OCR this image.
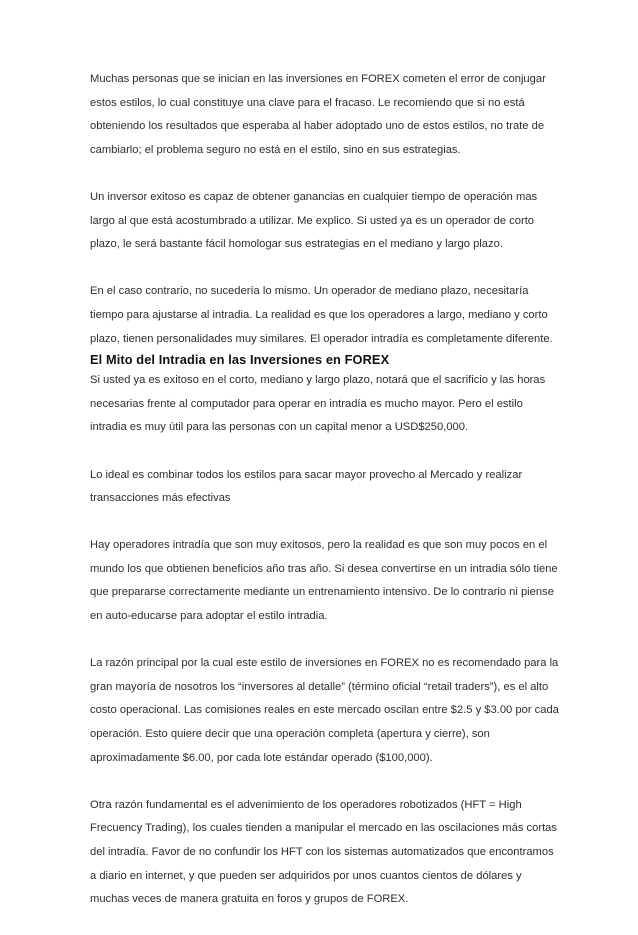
Muchas personas que se inician en las inversiones en FOREX cometen el error de conjugar estos estilos, lo cual constituye una clave para el fracaso. Le recomiendo que si no está obteniendo los resultados que esperaba al haber adoptado uno de estos estilos, no trate de cambiarlo; el problema seguro no está en el estilo, sino en sus estrategias.

Un inversor exitoso es capaz de obtener ganancias en cualquier tiempo de operación mas largo al que está acostumbrado a utilizar. Me explico. Si usted ya es un operador de corto plazo, le será bastante fácil homologar sus estrategias en el mediano y largo plazo.

En el caso contrario, no sucedería lo mismo. Un operador de mediano plazo, necesitaría tiempo para ajustarse al intradia. La realidad es que los operadores a largo, mediano y corto plazo, tienen personalidades muy similares. El operador intradía es completamente diferente.

El Mito del Intradia en las Inversiones en FOREX

Si usted ya es exitoso en el corto, mediano y largo plazo, notará que el sacrificio y las horas necesarias frente al computador para operar en intradía es mucho mayor. Pero el estilo intradia es muy útil para las personas con un capital menor a USD$250,000.

Lo ideal es combinar todos los estilos para sacar mayor provecho al Mercado y realizar transacciones más efectivas

Hay operadores intradía que son muy exitosos, pero la realidad es que son muy pocos en el mundo los que obtienen beneficios año tras año. Si desea convertirse en un intradia sólo tiene que prepararse correctamente mediante un entrenamiento intensivo. De lo contrario ni piense en auto-educarse para adoptar el estilo intradia.

La razón principal por la cual este estilo de inversiones en FOREX no es recomendado para la gran mayoría de nosotros los “inversores al detalle” (término oficial “retail traders”), es el alto costo operacional. Las comisiones reales en este mercado oscilan entre $2.5 y $3.00 por cada operación. Esto quiere decir que una operación completa (apertura y cierre), son aproximadamente $6.00, por cada lote estándar operado ($100,000).

Otra razón fundamental es el advenimiento de los operadores robotizados (HFT = High Frecuency Trading), los cuales tienden a manipular el mercado en las oscilaciones más cortas del intradía. Favor de no confundir los HFT con los sistemas automatizados que encontramos a diario en internet, y que pueden ser adquiridos por unos cuantos cientos de dólares y muchas veces de manera gratuita en foros y grupos de FOREX.
